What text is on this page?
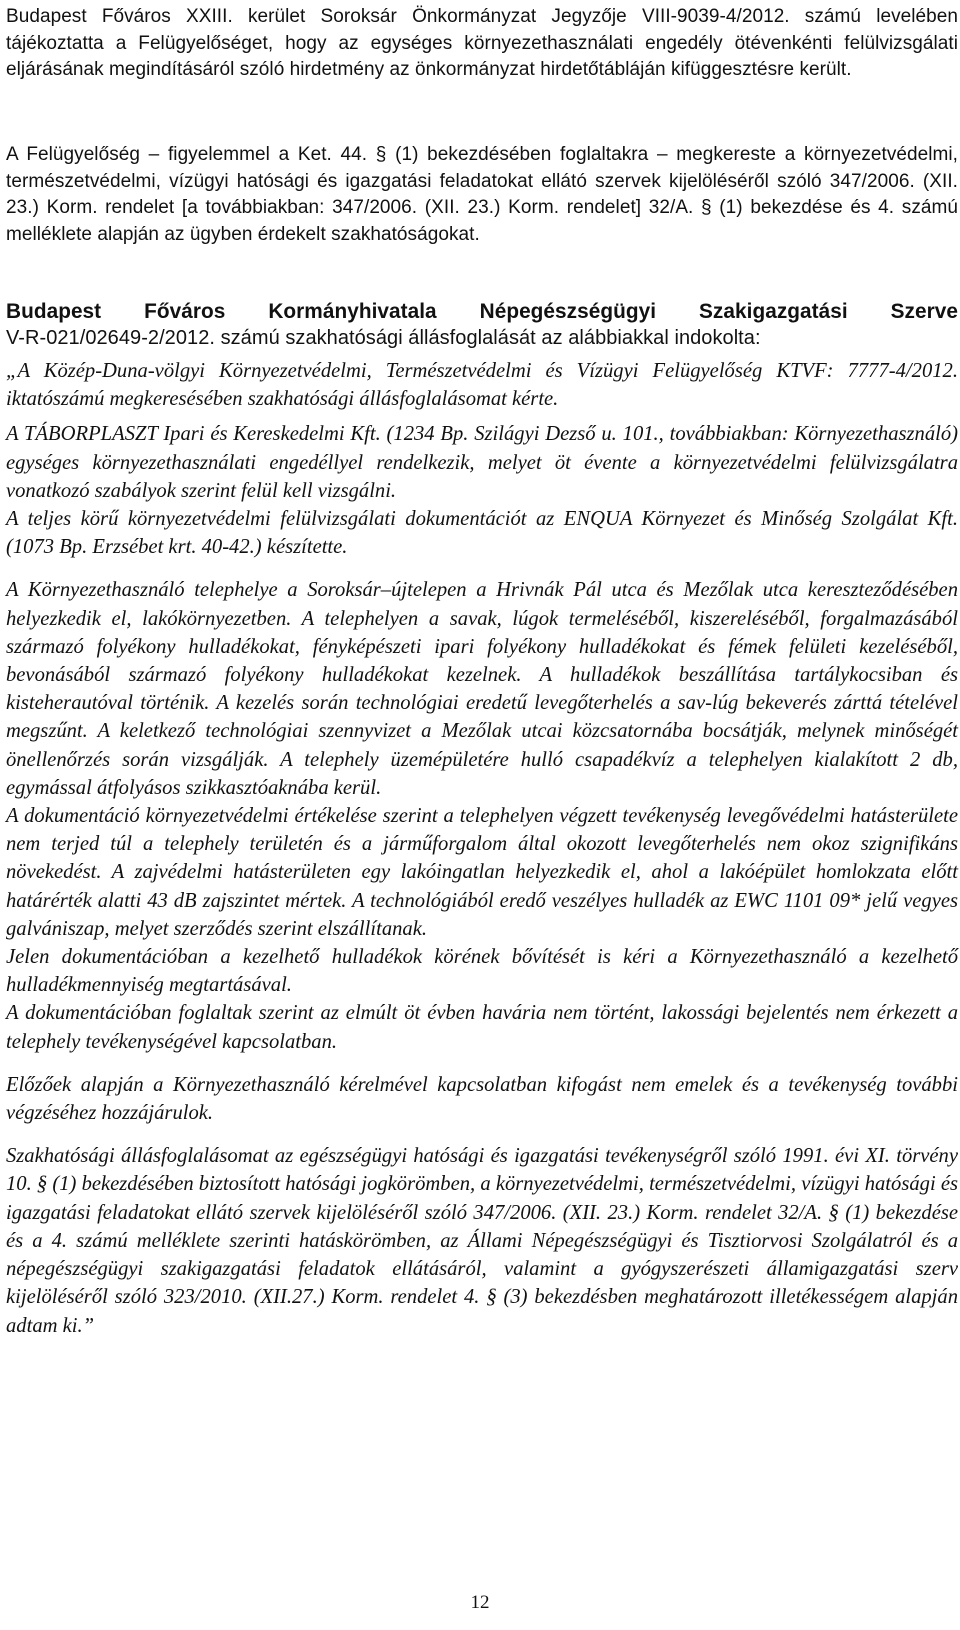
Budapest Főváros XXIII. kerület Soroksár Önkormányzat Jegyzője VIII-9039-4/2012. számú levelében tájékoztatta a Felügyelőséget, hogy az egységes környezethasználati engedély ötévenkénti felülvizsgálati eljárásának megindításáról szóló hirdetmény az önkormányzat hirdetőtábláján kifüggesztésre került.

A Felügyelőség – figyelemmel a Ket. 44. § (1) bekezdésében foglaltakra – megkereste a környezetvédelmi, természetvédelmi, vízügyi hatósági és igazgatási feladatokat ellátó szervek kijelöléséről szóló 347/2006. (XII. 23.) Korm. rendelet [a továbbiakban: 347/2006. (XII. 23.) Korm. rendelet] 32/A. § (1) bekezdése és 4. számú melléklete alapján az ügyben érdekelt szakhatóságokat.

Budapest Főváros Kormányhivatala Népegészségügyi Szakigazgatási Szerve

V-R-021/02649-2/2012. számú szakhatósági állásfoglalását az alábbiakkal indokolta:

„A Közép-Duna-völgyi Környezetvédelmi, Természetvédelmi és Vízügyi Felügyelőség KTVF: 7777-4/2012. iktatószámú megkeresésében szakhatósági állásfoglalásomat kérte.

A TÁBORPLASZT Ipari és Kereskedelmi Kft. (1234 Bp. Szilágyi Dezső u. 101., továbbiakban: Környezethasználó) egységes környezethasználati engedéllyel rendelkezik, melyet öt évente a környezetvédelmi felülvizsgálatra vonatkozó szabályok szerint felül kell vizsgálni.

A teljes körű környezetvédelmi felülvizsgálati dokumentációt az ENQUA Környezet és Minőség Szolgálat Kft. (1073 Bp. Erzsébet krt. 40-42.) készítette.

A Környezethasználó telephelye a Soroksár–újtelepen a Hrivnák Pál utca és Mezőlak utca kereszteződésében helyezkedik el, lakókörnyezetben. A telephelyen a savak, lúgok termeléséből, kiszereléséből, forgalmazásából származó folyékony hulladékokat, fényképészeti ipari folyékony hulladékokat és fémek felületi kezeléséből, bevonásából származó folyékony hulladékokat kezelnek. A hulladékok beszállítása tartálykocsiban és kisteherautóval történik. A kezelés során technológiai eredetű levegőterhelés a sav-lúg bekeverés zárttá tételével megszűnt. A keletkező technológiai szennyvizet a Mezőlak utcai közcsatornába bocsátják, melynek minőségét önellenőrzés során vizsgálják. A telephely üzemépületére hulló csapadékvíz a telephelyen kialakított 2 db, egymással átfolyásos szikkasztóaknába kerül.

A dokumentáció környezetvédelmi értékelése szerint a telephelyen végzett tevékenység levegővédelmi hatásterülete nem terjed túl a telephely területén és a járműforgalom által okozott levegőterhelés nem okoz szignifikáns növekedést. A zajvédelmi hatásterületen egy lakóingatlan helyezkedik el, ahol a lakóépület homlokzata előtt határérték alatti 43 dB zajszintet mértek. A technológiából eredő veszélyes hulladék az EWC 1101 09* jelű vegyes galvániszap, melyet szerződés szerint elszállítanak.

Jelen dokumentációban a kezelhető hulladékok körének bővítését is kéri a Környezethasználó a kezelhető hulladékmennyiség megtartásával.

A dokumentációban foglaltak szerint az elmúlt öt évben havária nem történt, lakossági bejelentés nem érkezett a telephely tevékenységével kapcsolatban.

Előzőek alapján a Környezethasználó kérelmével kapcsolatban kifogást nem emelek és a tevékenység további végzéséhez hozzájárulok.

Szakhatósági állásfoglalásomat az egészségügyi hatósági és igazgatási tevékenységről szóló 1991. évi XI. törvény 10. § (1) bekezdésében biztosított hatósági jogkörömben, a környezetvédelmi, természetvédelmi, vízügyi hatósági és igazgatási feladatokat ellátó szervek kijelöléséről szóló 347/2006. (XII. 23.) Korm. rendelet 32/A. § (1) bekezdése és a 4. számú melléklete szerinti hatáskörömben, az Állami Népegészségügyi és Tisztiorvosi Szolgálatról és a népegészségügyi szakigazgatási feladatok ellátásáról, valamint a gyógyszerészeti államigazgatási szerv kijelöléséről szóló 323/2010. (XII.27.) Korm. rendelet 4. § (3) bekezdésben meghatározott illetékességem alapján adtam ki.”

12
